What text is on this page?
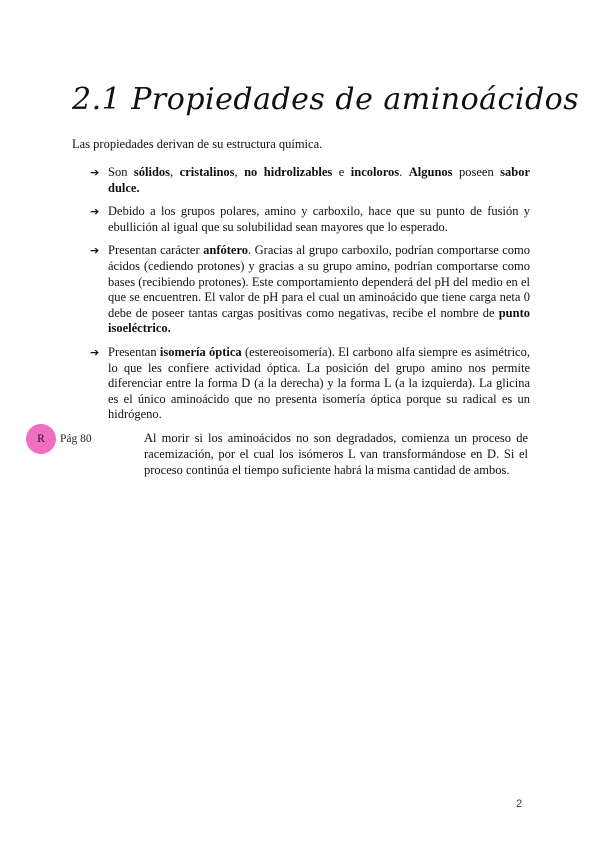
2.1 Propiedades de aminoácidos

Las propiedades derivan de su estructura química.

➔ Son sólidos, cristalinos, no hidrolizables e incoloros. Algunos poseen sabor dulce.
➔ Debido a los grupos polares, amino y carboxilo, hace que su punto de fusión y ebullición al igual que su solubilidad sean mayores que lo esperado.
➔ Presentan carácter anfótero. Gracias al grupo carboxilo, podrían comportarse como ácidos (cediendo protones) y gracias a su grupo amino, podrían comportarse como bases (recibiendo protones). Este comportamiento dependerá del pH del medio en el que se encuentren. El valor de pH para el cual un aminoácido que tiene carga neta 0 debe de poseer tantas cargas positivas como negativas, recibe el nombre de punto isoeléctrico.
➔ Presentan isomería óptica (estereoisomería). El carbono alfa siempre es asimétrico, lo que les confiere actividad óptica. La posición del grupo amino nos permite diferenciar entre la forma D (a la derecha) y la forma L (a la izquierda). La glicina es el único aminoácido que no presenta isomería óptica porque su radical es un hidrógeno.
R	Pág 80	Al morir si los aminoácidos no son degradados, comienza un proceso de racemización, por el cual los isómeros L van transformándose en D. Si el proceso continúa el tiempo suficiente habrá la misma cantidad de ambos.
2
